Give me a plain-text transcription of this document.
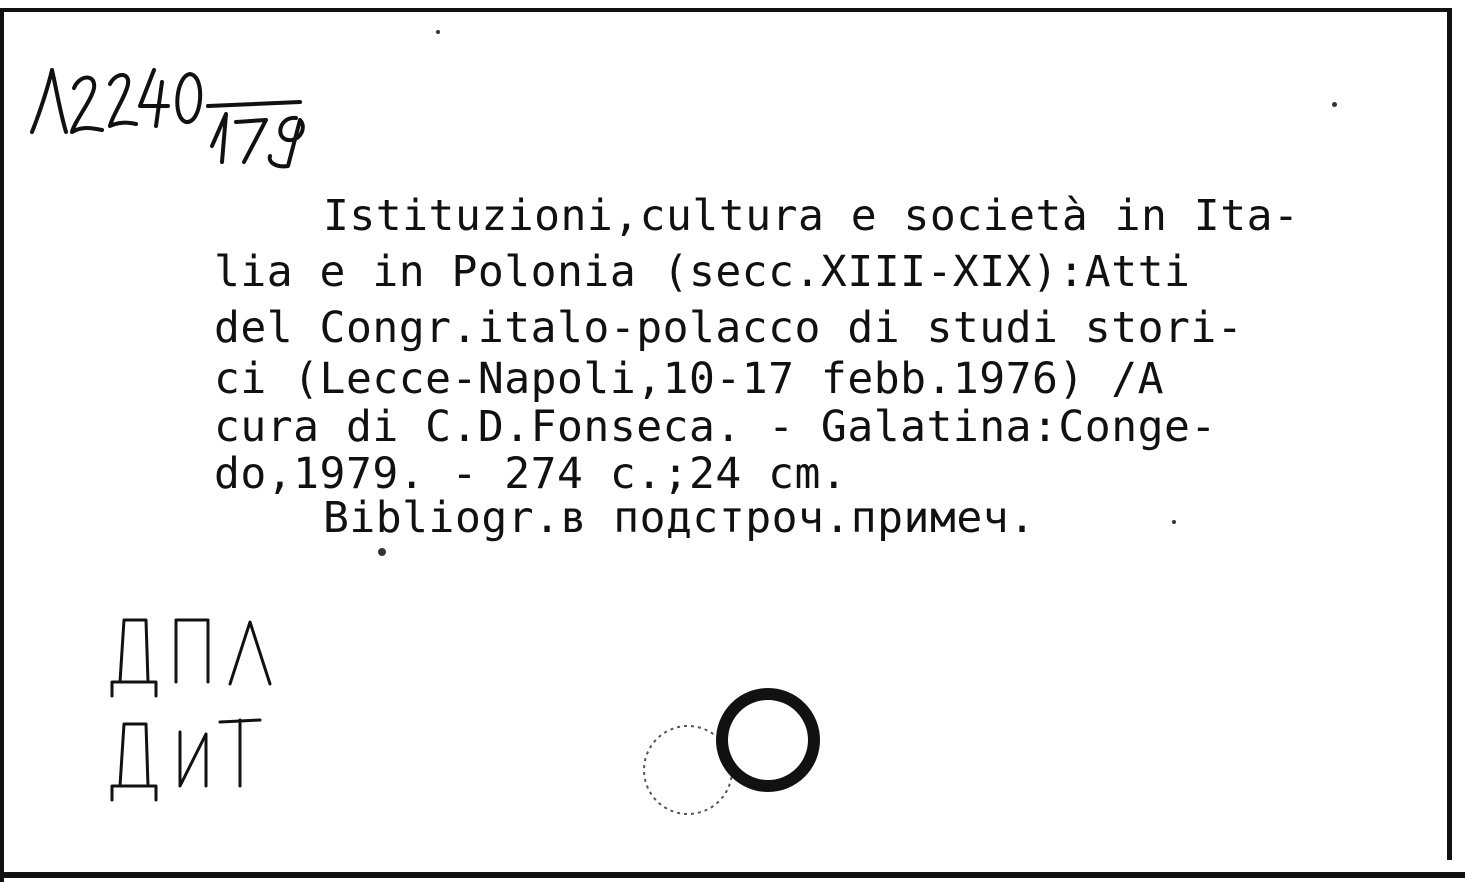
Istituzioni,cultura e società in Ita-
lia e in Polonia (secc.XIII-XIX):Atti
del Congr.italo-polacco di studi stori-
ci (Lecce-Napoli,10-17 febb.1976) /A
cura di C.D.Fonseca. - Galatina:Conge-
do,1979. - 274 c.;24 cm.
Bibliogr.в подстроч.примеч.
